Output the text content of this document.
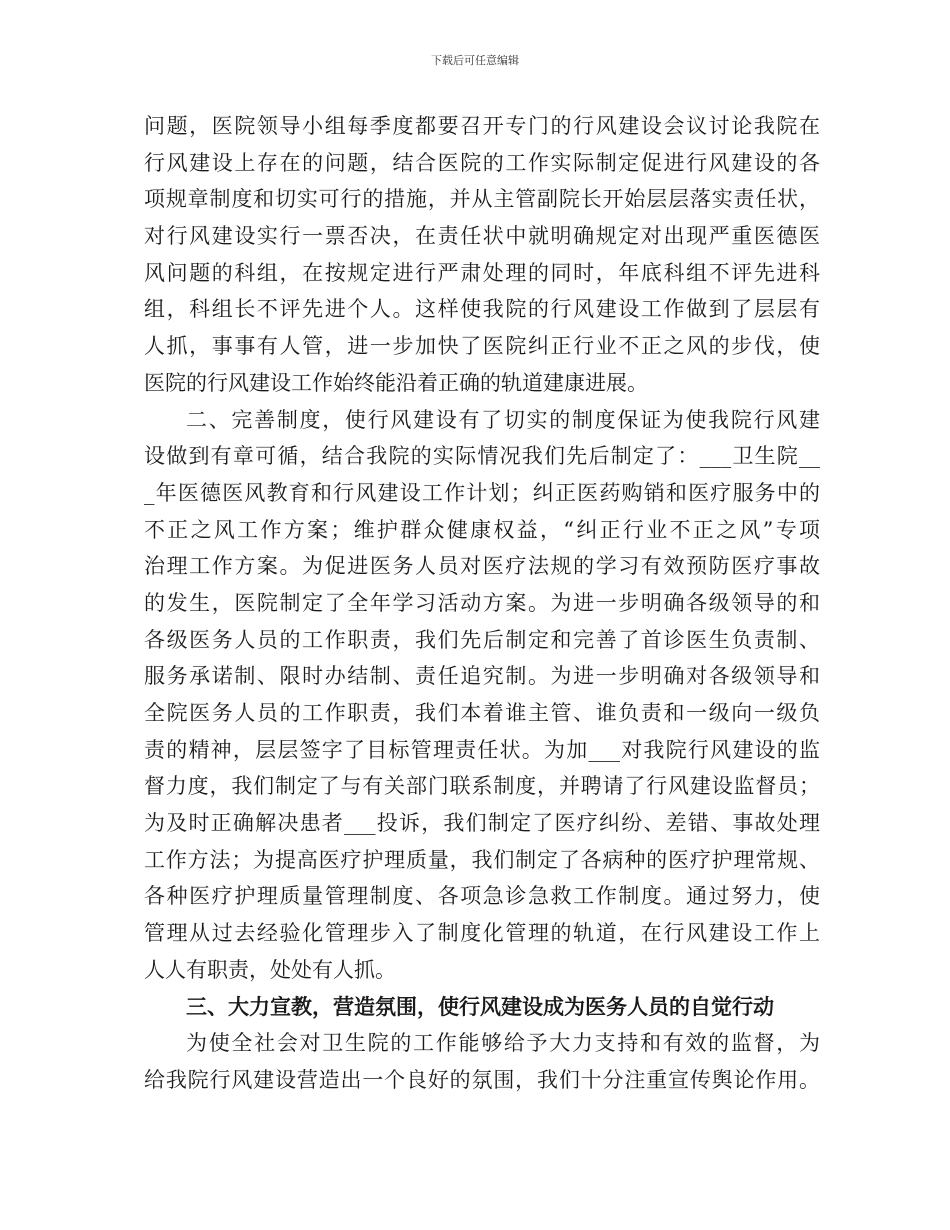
下载后可任意编辑
问题，医院领导小组每季度都要召开专门的行风建设会议讨论我院在
行风建设上存在的问题，结合医院的工作实际制定促进行风建设的各
项规章制度和切实可行的措施，并从主管副院长开始层层落实责任状，
对行风建设实行一票否决，在责任状中就明确规定对出现严重医德医
风问题的科组，在按规定进行严肃处理的同时，年底科组不评先进科
组，科组长不评先进个人。这样使我院的行风建设工作做到了层层有
人抓，事事有人管，进一步加快了医院纠正行业不正之风的步伐，使
医院的行风建设工作始终能沿着正确的轨道建康进展。
二、完善制度，使行风建设有了切实的制度保证为使我院行风建
设做到有章可循，结合我院的实际情况我们先后制定了：___卫生院__
_年医德医风教育和行风建设工作计划；纠正医药购销和医疗服务中的
不正之风工作方案；维护群众健康权益，“纠正行业不正之风”专项
治理工作方案。为促进医务人员对医疗法规的学习有效预防医疗事故
的发生，医院制定了全年学习活动方案。为进一步明确各级领导的和
各级医务人员的工作职责，我们先后制定和完善了首诊医生负责制、
服务承诺制、限时办结制、责任追究制。为进一步明确对各级领导和
全院医务人员的工作职责，我们本着谁主管、谁负责和一级向一级负
责的精神，层层签字了目标管理责任状。为加___对我院行风建设的监
督力度，我们制定了与有关部门联系制度，并聘请了行风建设监督员；
为及时正确解决患者___投诉，我们制定了医疗纠纷、差错、事故处理
工作方法；为提高医疗护理质量，我们制定了各病种的医疗护理常规、
各种医疗护理质量管理制度、各项急诊急救工作制度。通过努力，使
管理从过去经验化管理步入了制度化管理的轨道，在行风建设工作上
人人有职责，处处有人抓。
三、大力宣教，营造氛围，使行风建设成为医务人员的自觉行动
为使全社会对卫生院的工作能够给予大力支持和有效的监督，为
给我院行风建设营造出一个良好的氛围，我们十分注重宣传舆论作用。
